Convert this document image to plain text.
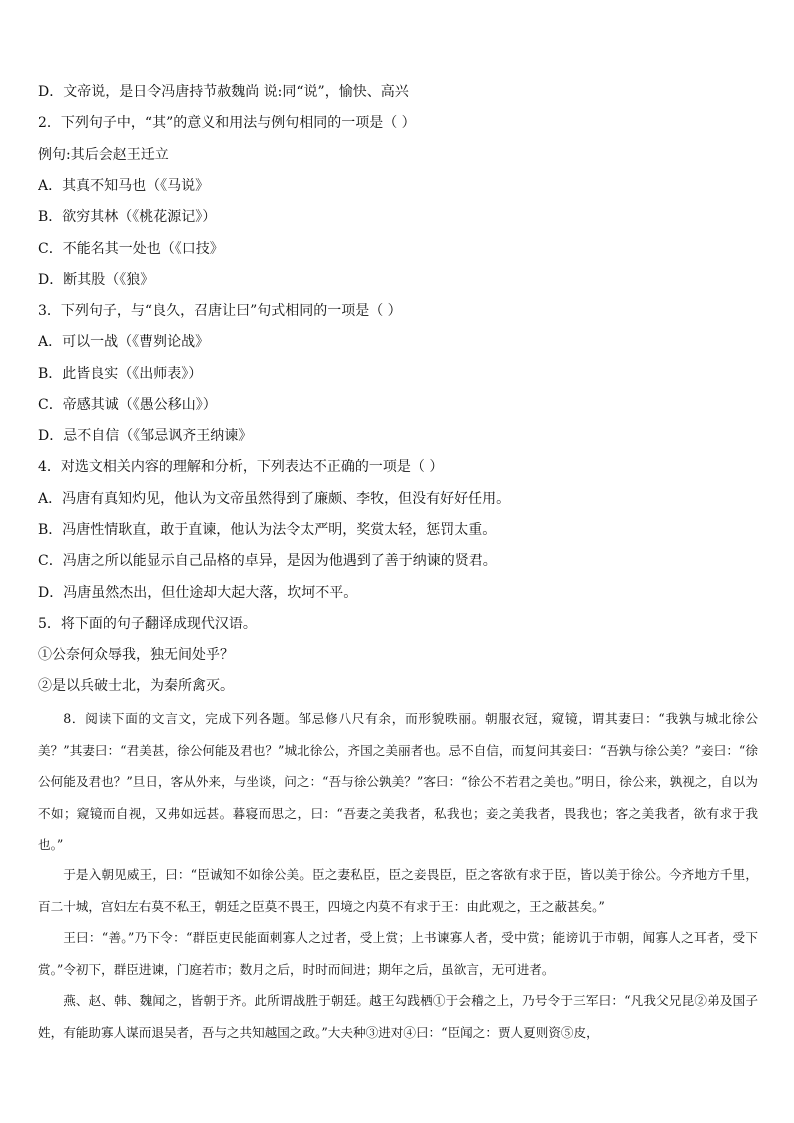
D．文帝说，是日令冯唐持节赦魏尚 说:同“说”，愉快、高兴
2．下列句子中，“其”的意义和用法与例句相同的一项是（ ）
例句:其后会赵王迁立
A．其真不知马也（《马说》
B．欲穷其林（《桃花源记》）
C．不能名其一处也（《口技》
D．断其股（《狼》
3．下列句子，与“良久，召唐让曰”句式相同的一项是（ ）
A．可以一战（《曹刿论战》
B．此皆良实（《出师表》）
C．帝感其诚（《愚公移山》）
D．忌不自信（《邹忌讽齐王纳谏》
4．对选文相关内容的理解和分析，下列表达不正确的一项是（ ）
A．冯唐有真知灼见，他认为文帝虽然得到了廉颇、李牧，但没有好好任用。
B．冯唐性情耿直，敢于直谏，他认为法令太严明，奖赏太轻，惩罚太重。
C．冯唐之所以能显示自己品格的卓异，是因为他遇到了善于纳谏的贤君。
D．冯唐虽然杰出，但仕途却大起大落，坎坷不平。
5．将下面的句子翻译成现代汉语。
①公奈何众辱我，独无间处乎？
②是以兵破士北，为秦所禽灭。

8．阅读下面的文言文，完成下列各题。邹忌修八尺有余，而形貌昳丽。朝服衣冠，窥镜，谓其妻曰：“我孰与城北徐公美？”其妻曰：“君美甚，徐公何能及君也？”城北徐公，齐国之美丽者也。忌不自信，而复问其妾曰：“吾孰与徐公美？”妾曰：“徐公何能及君也？”旦日，客从外来，与坐谈，问之：“吾与徐公孰美？”客曰：“徐公不若君之美也。”明日，徐公来，孰视之，自以为不如；窥镜而自视，又弗如远甚。暮寝而思之，曰：“吾妻之美我者，私我也；妾之美我者，畏我也；客之美我者，欲有求于我也。”

于是入朝见威王，曰：“臣诚知不如徐公美。臣之妻私臣，臣之妾畏臣，臣之客欲有求于臣，皆以美于徐公。今齐地方千里，百二十城，宫妇左右莫不私王，朝廷之臣莫不畏王，四境之内莫不有求于王：由此观之，王之蔽甚矣。”

王曰：“善。”乃下令：“群臣吏民能面刺寡人之过者，受上赏；上书谏寡人者，受中赏；能谤讥于市朝，闻寡人之耳者，受下赏。”令初下，群臣进谏，门庭若市；数月之后，时时而间进；期年之后，虽欲言，无可进者。

燕、赵、韩、魏闻之，皆朝于齐。此所谓战胜于朝廷。越王勾践栖①于会稽之上，乃号令于三军曰：“凡我父兄昆②弟及国子姓，有能助寡人谋而退吴者，吾与之共知越国之政。”大夫种③进对④曰：“臣闻之：贾人夏则资⑤皮，
